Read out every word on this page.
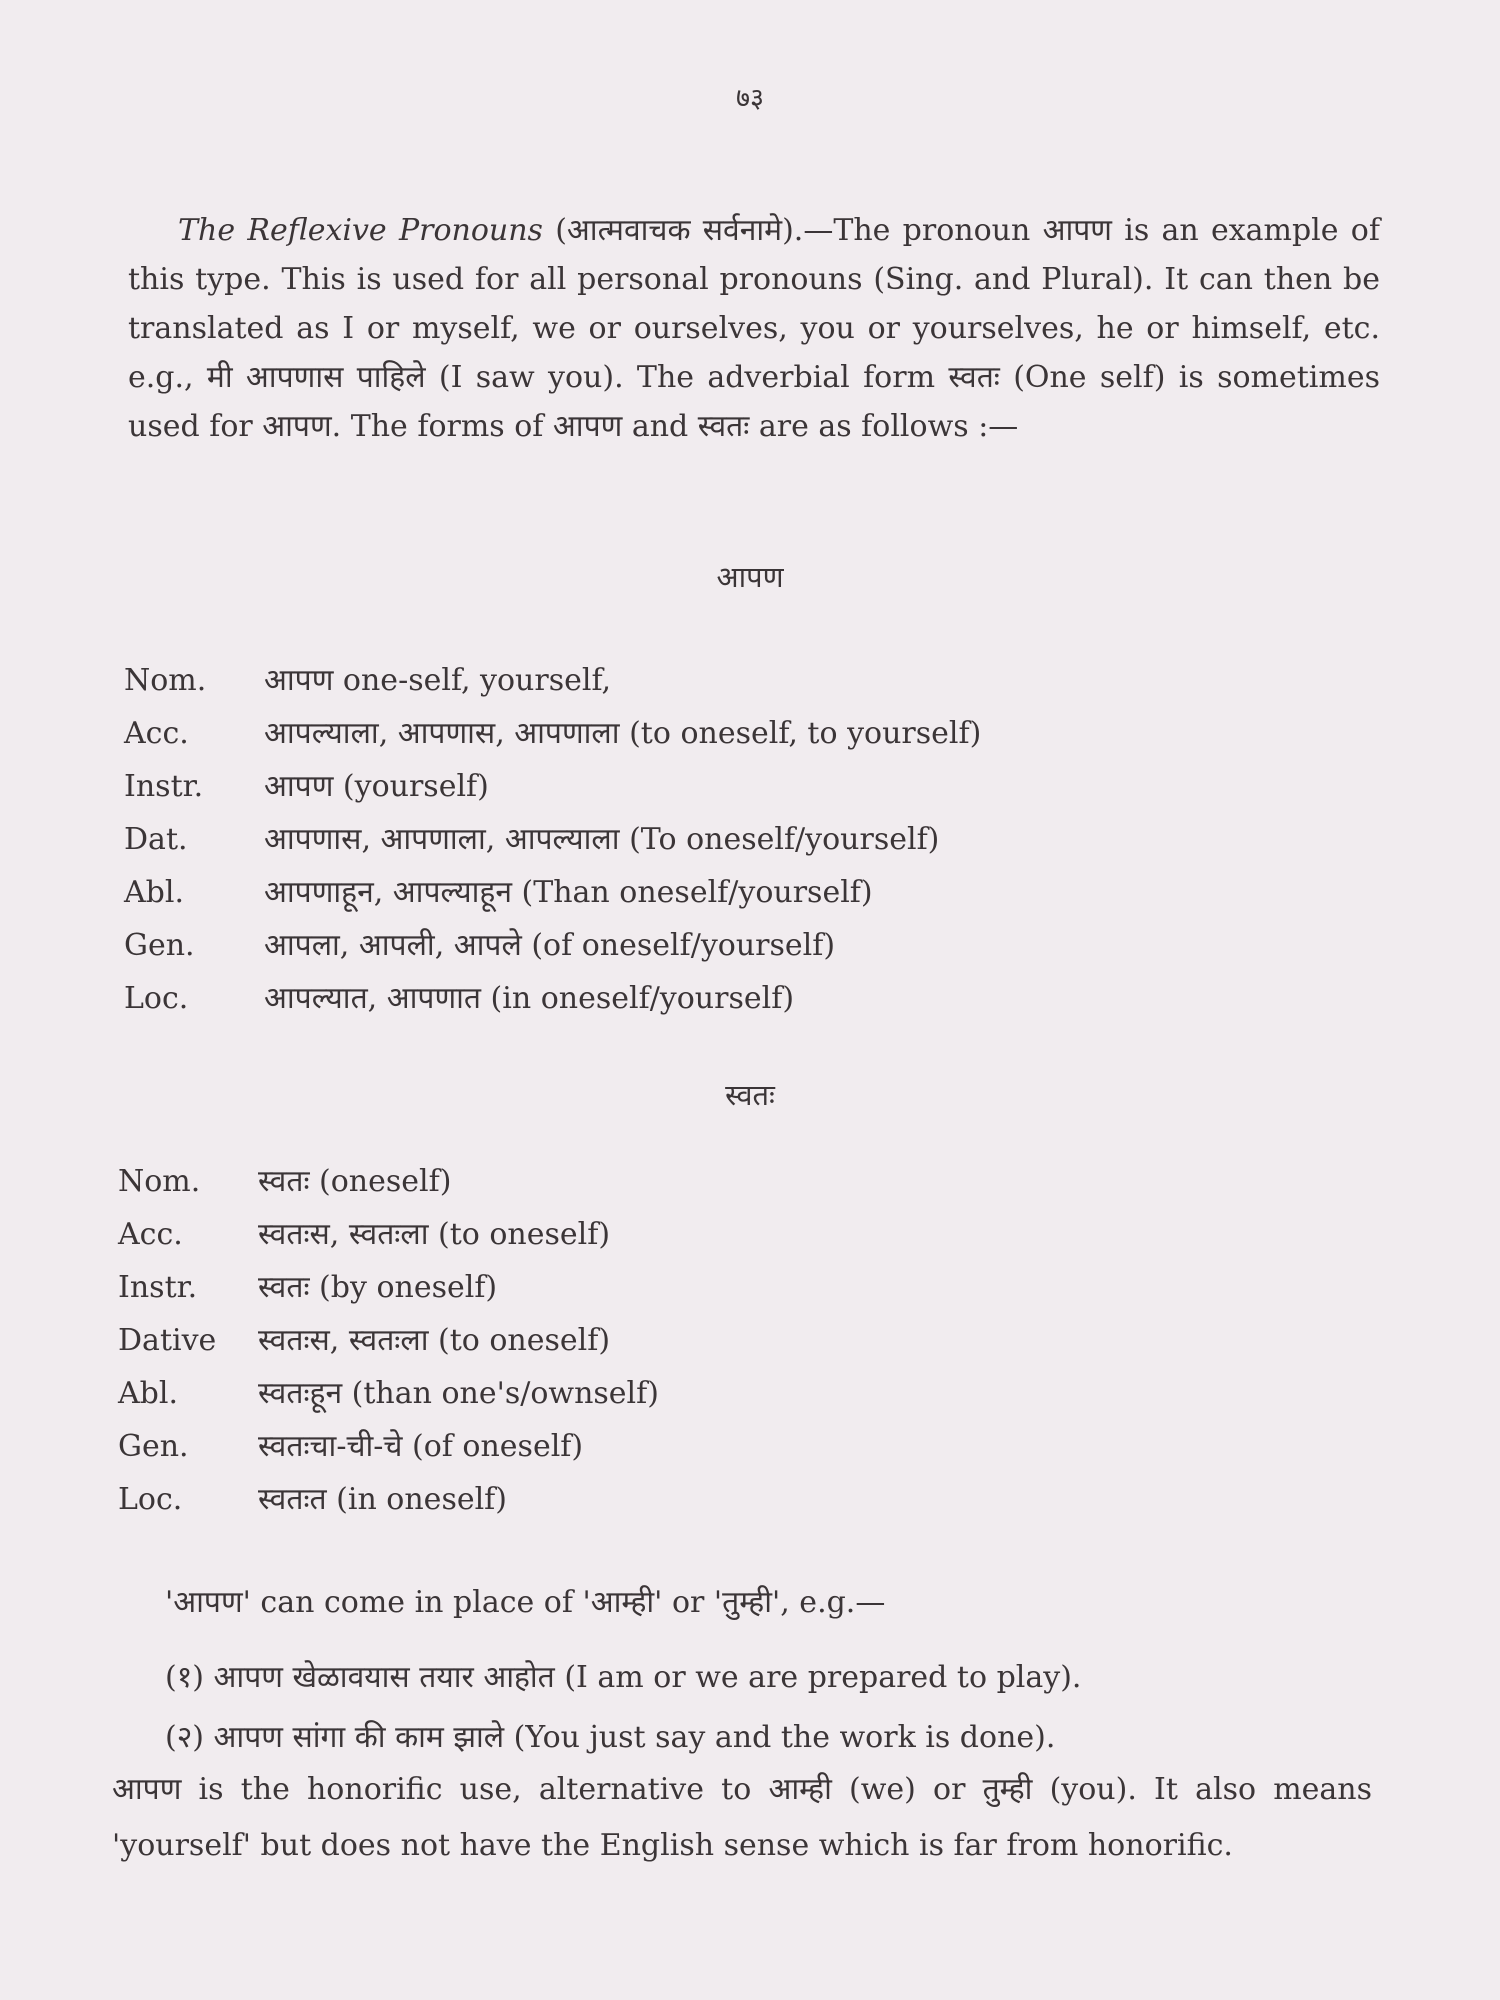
७३

The Reflexive Pronouns (आत्मवाचक सर्वनामे).—The pronoun आपण is an example of this type. This is used for all personal pronouns (Sing. and Plural). It can then be translated as I or myself, we or ourselves, you or yourselves, he or himself, etc. e.g., मी आपणास पाहिले (I saw you). The adverbial form स्वतः (One self) is sometimes used for आपण. The forms of आपण and स्वतः are as follows :—

आपण
Nom.	आपण one-self, yourself,
Acc.	आपल्याला, आपणास, आपणाला (to oneself, to yourself)
Instr.	आपण (yourself)
Dat.	आपणास, आपणाला, आपल्याला (To oneself/yourself)
Abl.	आपणाहून, आपल्याहून (Than oneself/yourself)
Gen.	आपला, आपली, आपले (of oneself/yourself)
Loc.	आपल्यात, आपणात (in oneself/yourself)
स्वतः
Nom.	स्वतः (oneself)
Acc.	स्वतःस, स्वतःला (to oneself)
Instr.	स्वतः (by oneself)
Dative	स्वतःस, स्वतःला (to oneself)
Abl.	स्वतःहून (than one's/ownself)
Gen.	स्वतःचा-ची-चे (of oneself)
Loc.	स्वतःत (in oneself)
'आपण' can come in place of 'आम्ही' or 'तुम्ही', e.g.—
(१) आपण खेळावयास तयार आहोत (I am or we are prepared to play).
(२) आपण सांगा की काम झाले (You just say and the work is done).

आपण is the honorific use, alternative to आम्ही (we) or तुम्ही (you). It also means 'yourself' but does not have the English sense which is far from honorific.
